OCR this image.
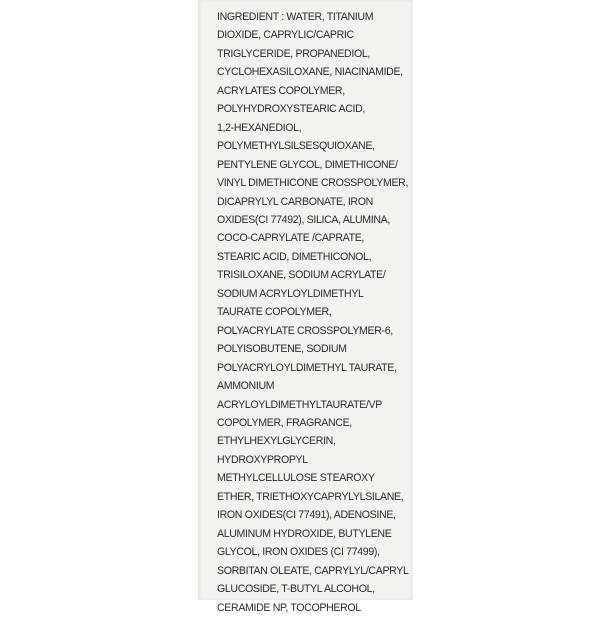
INGREDIENT : WATER, TITANIUM
DIOXIDE, CAPRYLIC/CAPRIC
TRIGLYCERIDE, PROPANEDIOL,
CYCLOHEXASILOXANE, NIACINAMIDE,
ACRYLATES COPOLYMER,
POLYHYDROXYSTEARIC ACID,
1,2-HEXANEDIOL,
POLYMETHYLSILSESQUIOXANE,
PENTYLENE GLYCOL, DIMETHICONE/
VINYL DIMETHICONE CROSSPOLYMER,
DICAPRYLYL CARBONATE, IRON
OXIDES(CI 77492), SILICA, ALUMINA,
COCO-CAPRYLATE /CAPRATE,
STEARIC ACID, DIMETHICONOL,
TRISILOXANE, SODIUM ACRYLATE/
SODIUM ACRYLOYLDIMETHYL
TAURATE COPOLYMER,
POLYACRYLATE CROSSPOLYMER-6,
POLYISOBUTENE, SODIUM
POLYACRYLOYLDIMETHYL TAURATE,
AMMONIUM
ACRYLOYLDIMETHYLTAURATE/VP
COPOLYMER, FRAGRANCE,
ETHYLHEXYLGLYCERIN,
HYDROXYPROPYL
METHYLCELLULOSE STEAROXY
ETHER, TRIETHOXYCAPRYLYLSILANE,
IRON OXIDES(CI 77491), ADENOSINE,
ALUMINUM HYDROXIDE, BUTYLENE
GLYCOL, IRON OXIDES (CI 77499),
SORBITAN OLEATE, CAPRYLYL/CAPRYL
GLUCOSIDE, T-BUTYL ALCOHOL,
CERAMIDE NP, TOCOPHEROL
